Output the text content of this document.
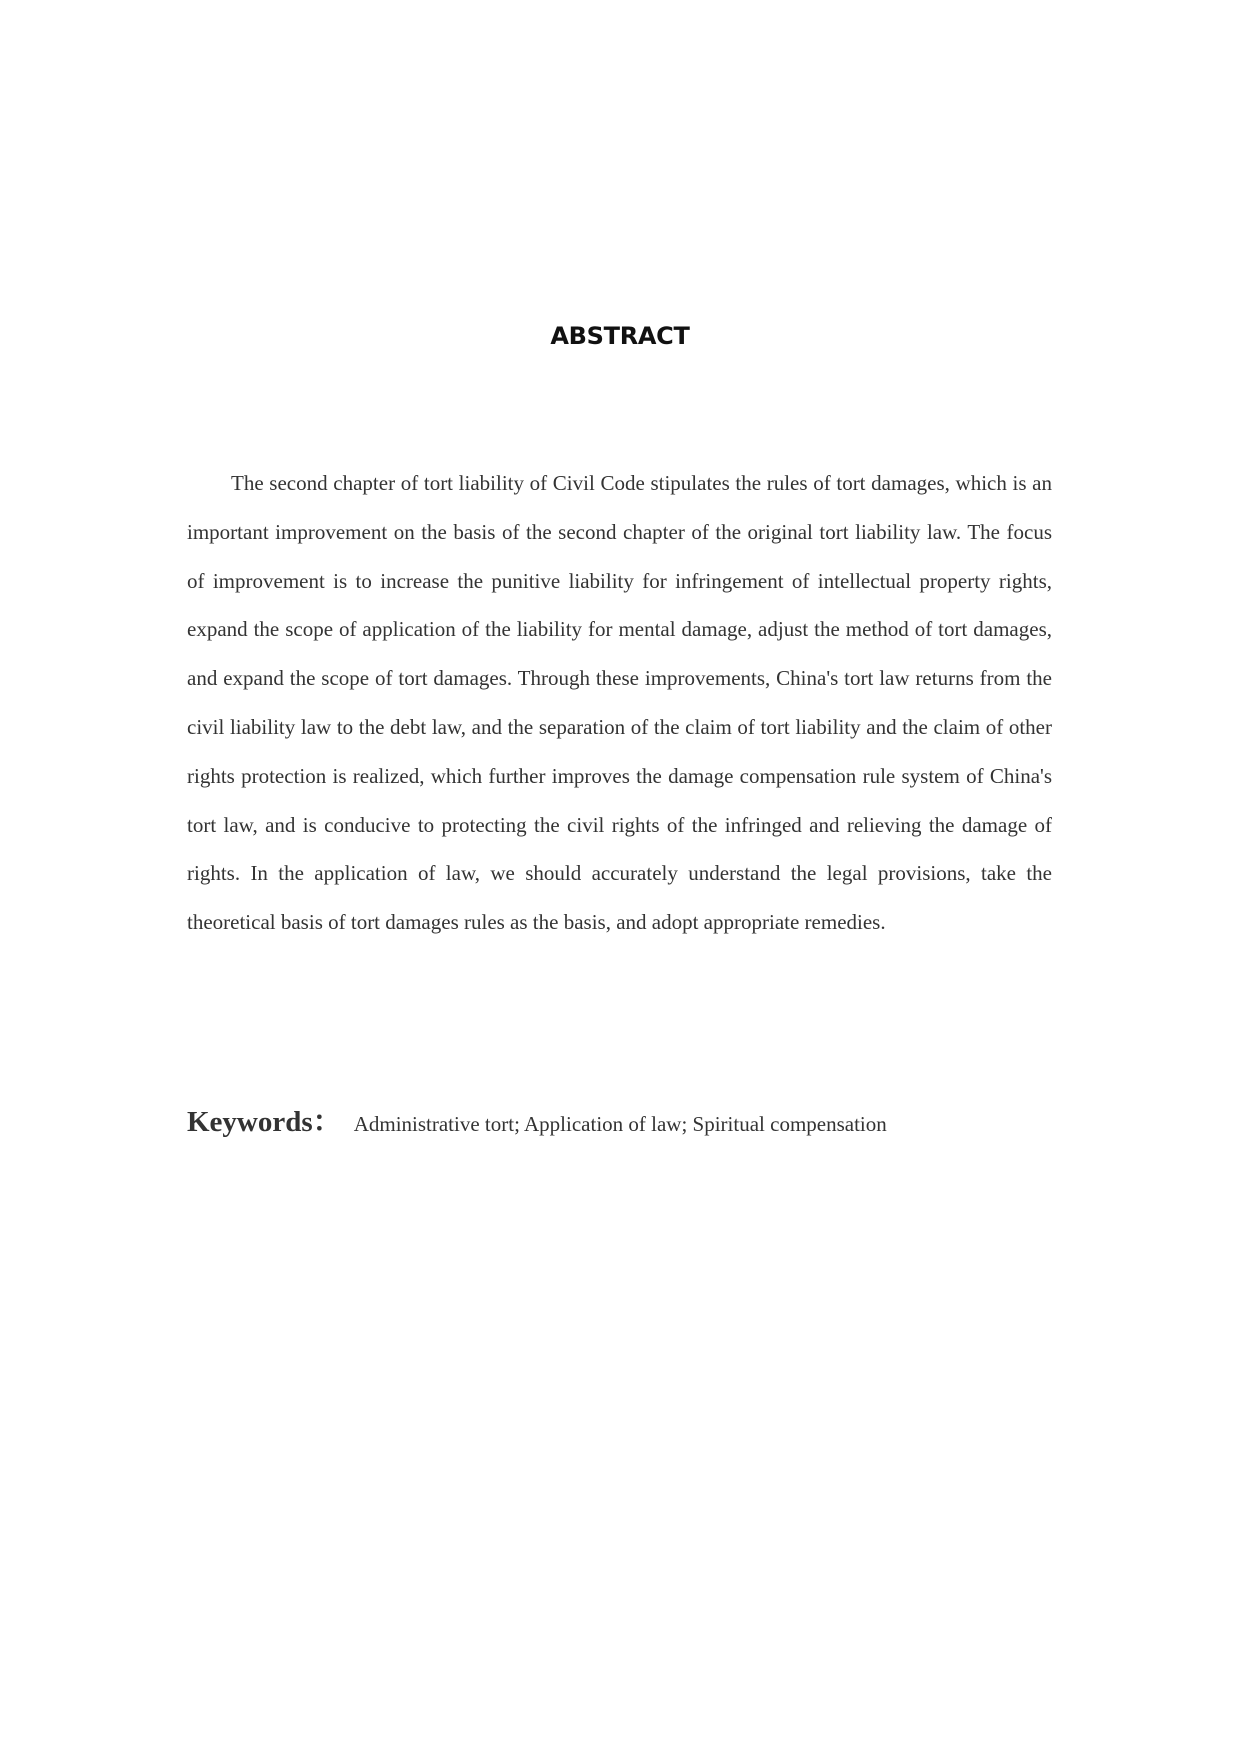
ABSTRACT

The second chapter of tort liability of Civil Code stipulates the rules of tort damages, which is an important improvement on the basis of the second chapter of the original tort liability law. The focus of improvement is to increase the punitive liability for infringement of intellectual property rights, expand the scope of application of the liability for mental damage, adjust the method of tort damages, and expand the scope of tort damages. Through these improvements, China's tort law returns from the civil liability law to the debt law, and the separation of the claim of tort liability and the claim of other rights protection is realized, which further improves the damage compensation rule system of China's tort law, and is conducive to protecting the civil rights of the infringed and relieving the damage of rights. In the application of law, we should accurately understand the legal provisions, take the theoretical basis of tort damages rules as the basis, and adopt appropriate remedies.

Keywords： Administrative tort; Application of law; Spiritual compensation
